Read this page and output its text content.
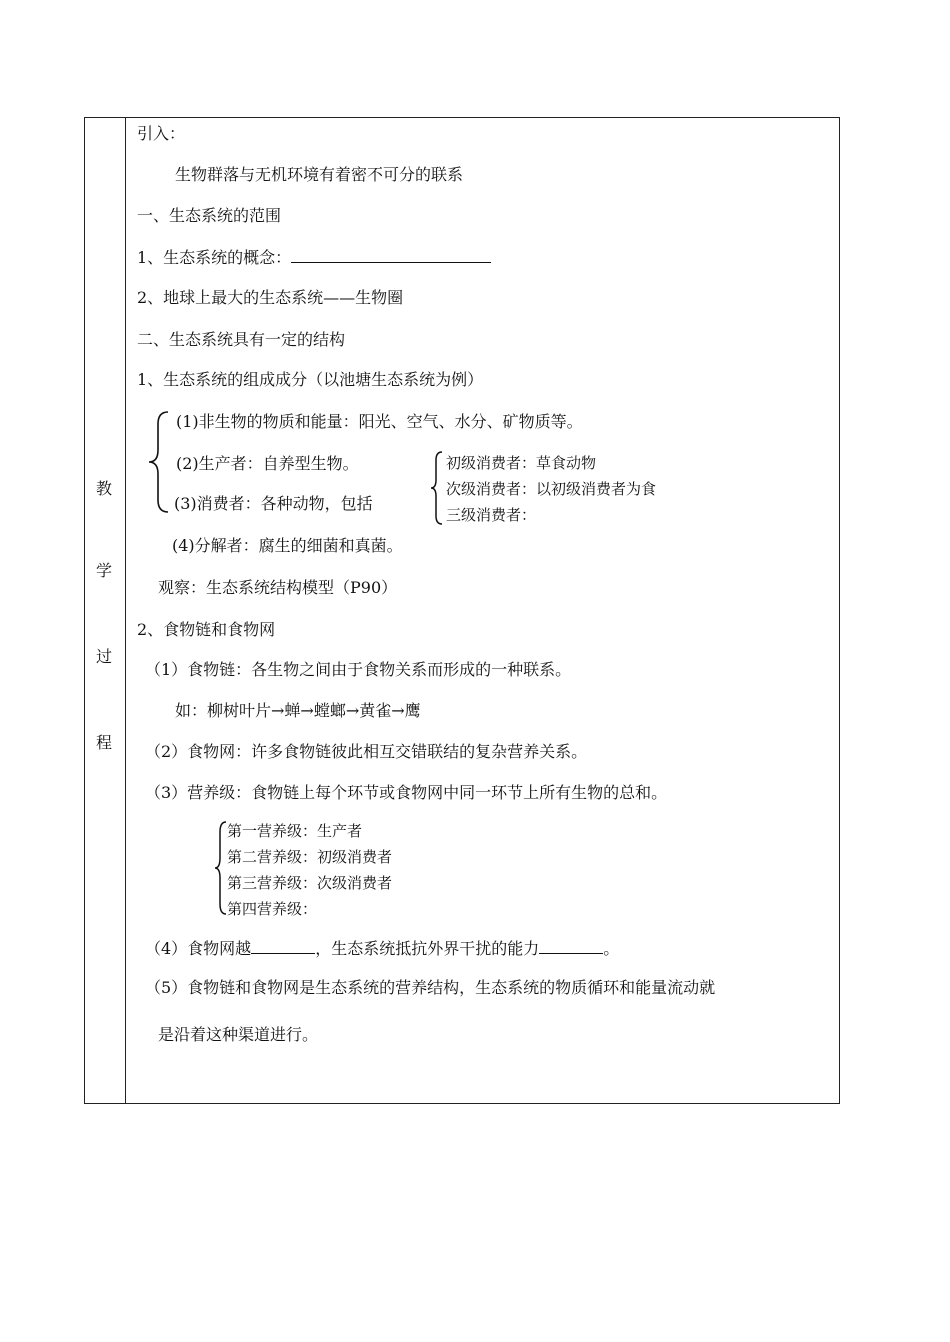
教
学
过
程
引入：
生物群落与无机环境有着密不可分的联系
一、生态系统的范围
1、生态系统的概念：
2、地球上最大的生态系统——生物圈
二、生态系统具有一定的结构
1、生态系统的组成成分（以池塘生态系统为例）
(1)非生物的物质和能量：阳光、空气、水分、矿物质等。
(2)生产者：自养型生物。
(3)消费者：各种动物，包括
初级消费者：草食动物
次级消费者：以初级消费者为食
三级消费者：
(4)分解者：腐生的细菌和真菌。
观察：生态系统结构模型（P90）
2、食物链和食物网
（1）食物链：各生物之间由于食物关系而形成的一种联系。
如：柳树叶片→蝉→螳螂→黄雀→鹰
（2）食物网：许多食物链彼此相互交错联结的复杂营养关系。
（3）营养级：食物链上每个环节或食物网中同一环节上所有生物的总和。
第一营养级：生产者
第二营养级：初级消费者
第三营养级：次级消费者
第四营养级：
（4）食物网越	，生态系统抵抗外界干扰的能力	。
（5）食物链和食物网是生态系统的营养结构，生态系统的物质循环和能量流动就
是沿着这种渠道进行。
